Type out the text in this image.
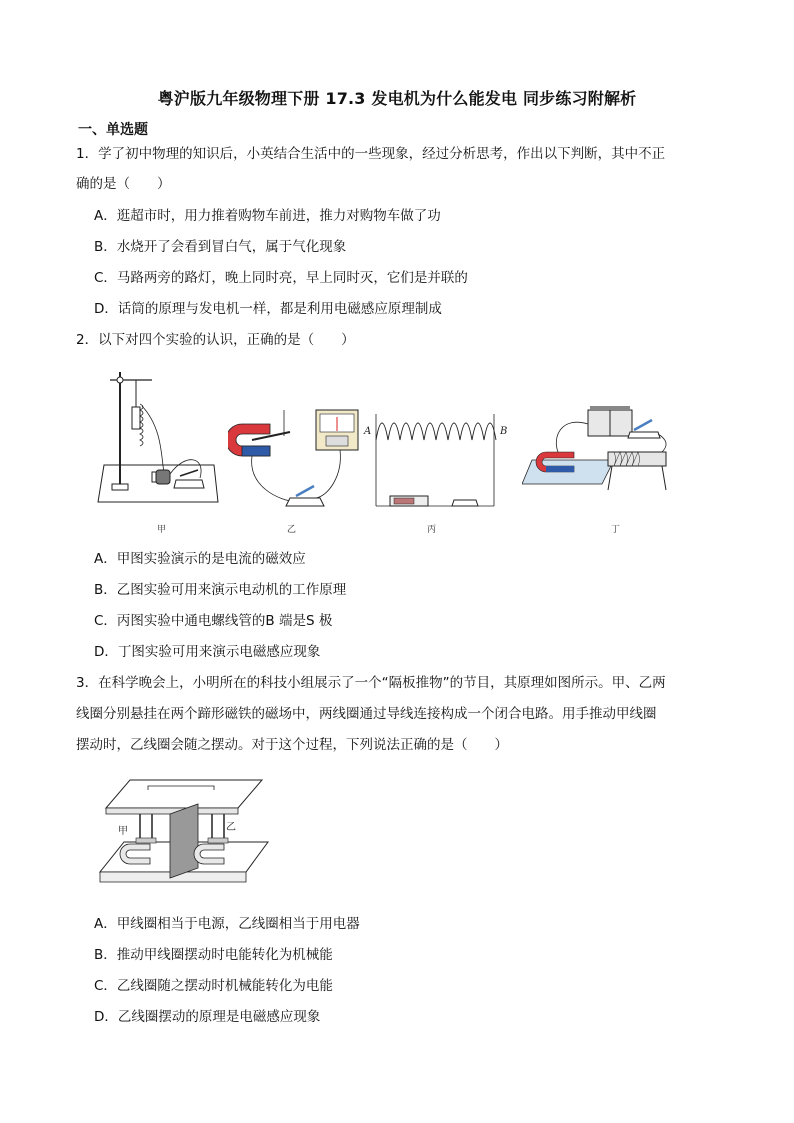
粤沪版九年级物理下册 17.3 发电机为什么能发电 同步练习附解析
一、单选题
1．学了初中物理的知识后，小英结合生活中的一些现象，经过分析思考，作出以下判断，其中不正
确的是（　　）
A．逛超市时，用力推着购物车前进，推力对购物车做了功
B．水烧开了会看到冒白气，属于气化现象
C．马路两旁的路灯，晚上同时亮，早上同时灭，它们是并联的
D．话筒的原理与发电机一样，都是利用电磁感应原理制成
2．以下对四个实验的认识，正确的是（　　）
甲	乙
A	B
丙	丁
A．甲图实验演示的是电流的磁效应
B．乙图实验可用来演示电动机的工作原理
C．丙图实验中通电螺线管的B 端是S 极
D．丁图实验可用来演示电磁感应现象
3．在科学晚会上，小明所在的科技小组展示了一个“隔板推物”的节目，其原理如图所示。甲、乙两
线圈分别悬挂在两个蹄形磁铁的磁场中，两线圈通过导线连接构成一个闭合电路。用手推动甲线圈
摆动时，乙线圈会随之摆动。对于这个过程，下列说法正确的是（　　）
甲	乙
A．甲线圈相当于电源，乙线圈相当于用电器
B．推动甲线圈摆动时电能转化为机械能
C．乙线圈随之摆动时机械能转化为电能
D．乙线圈摆动的原理是电磁感应现象
